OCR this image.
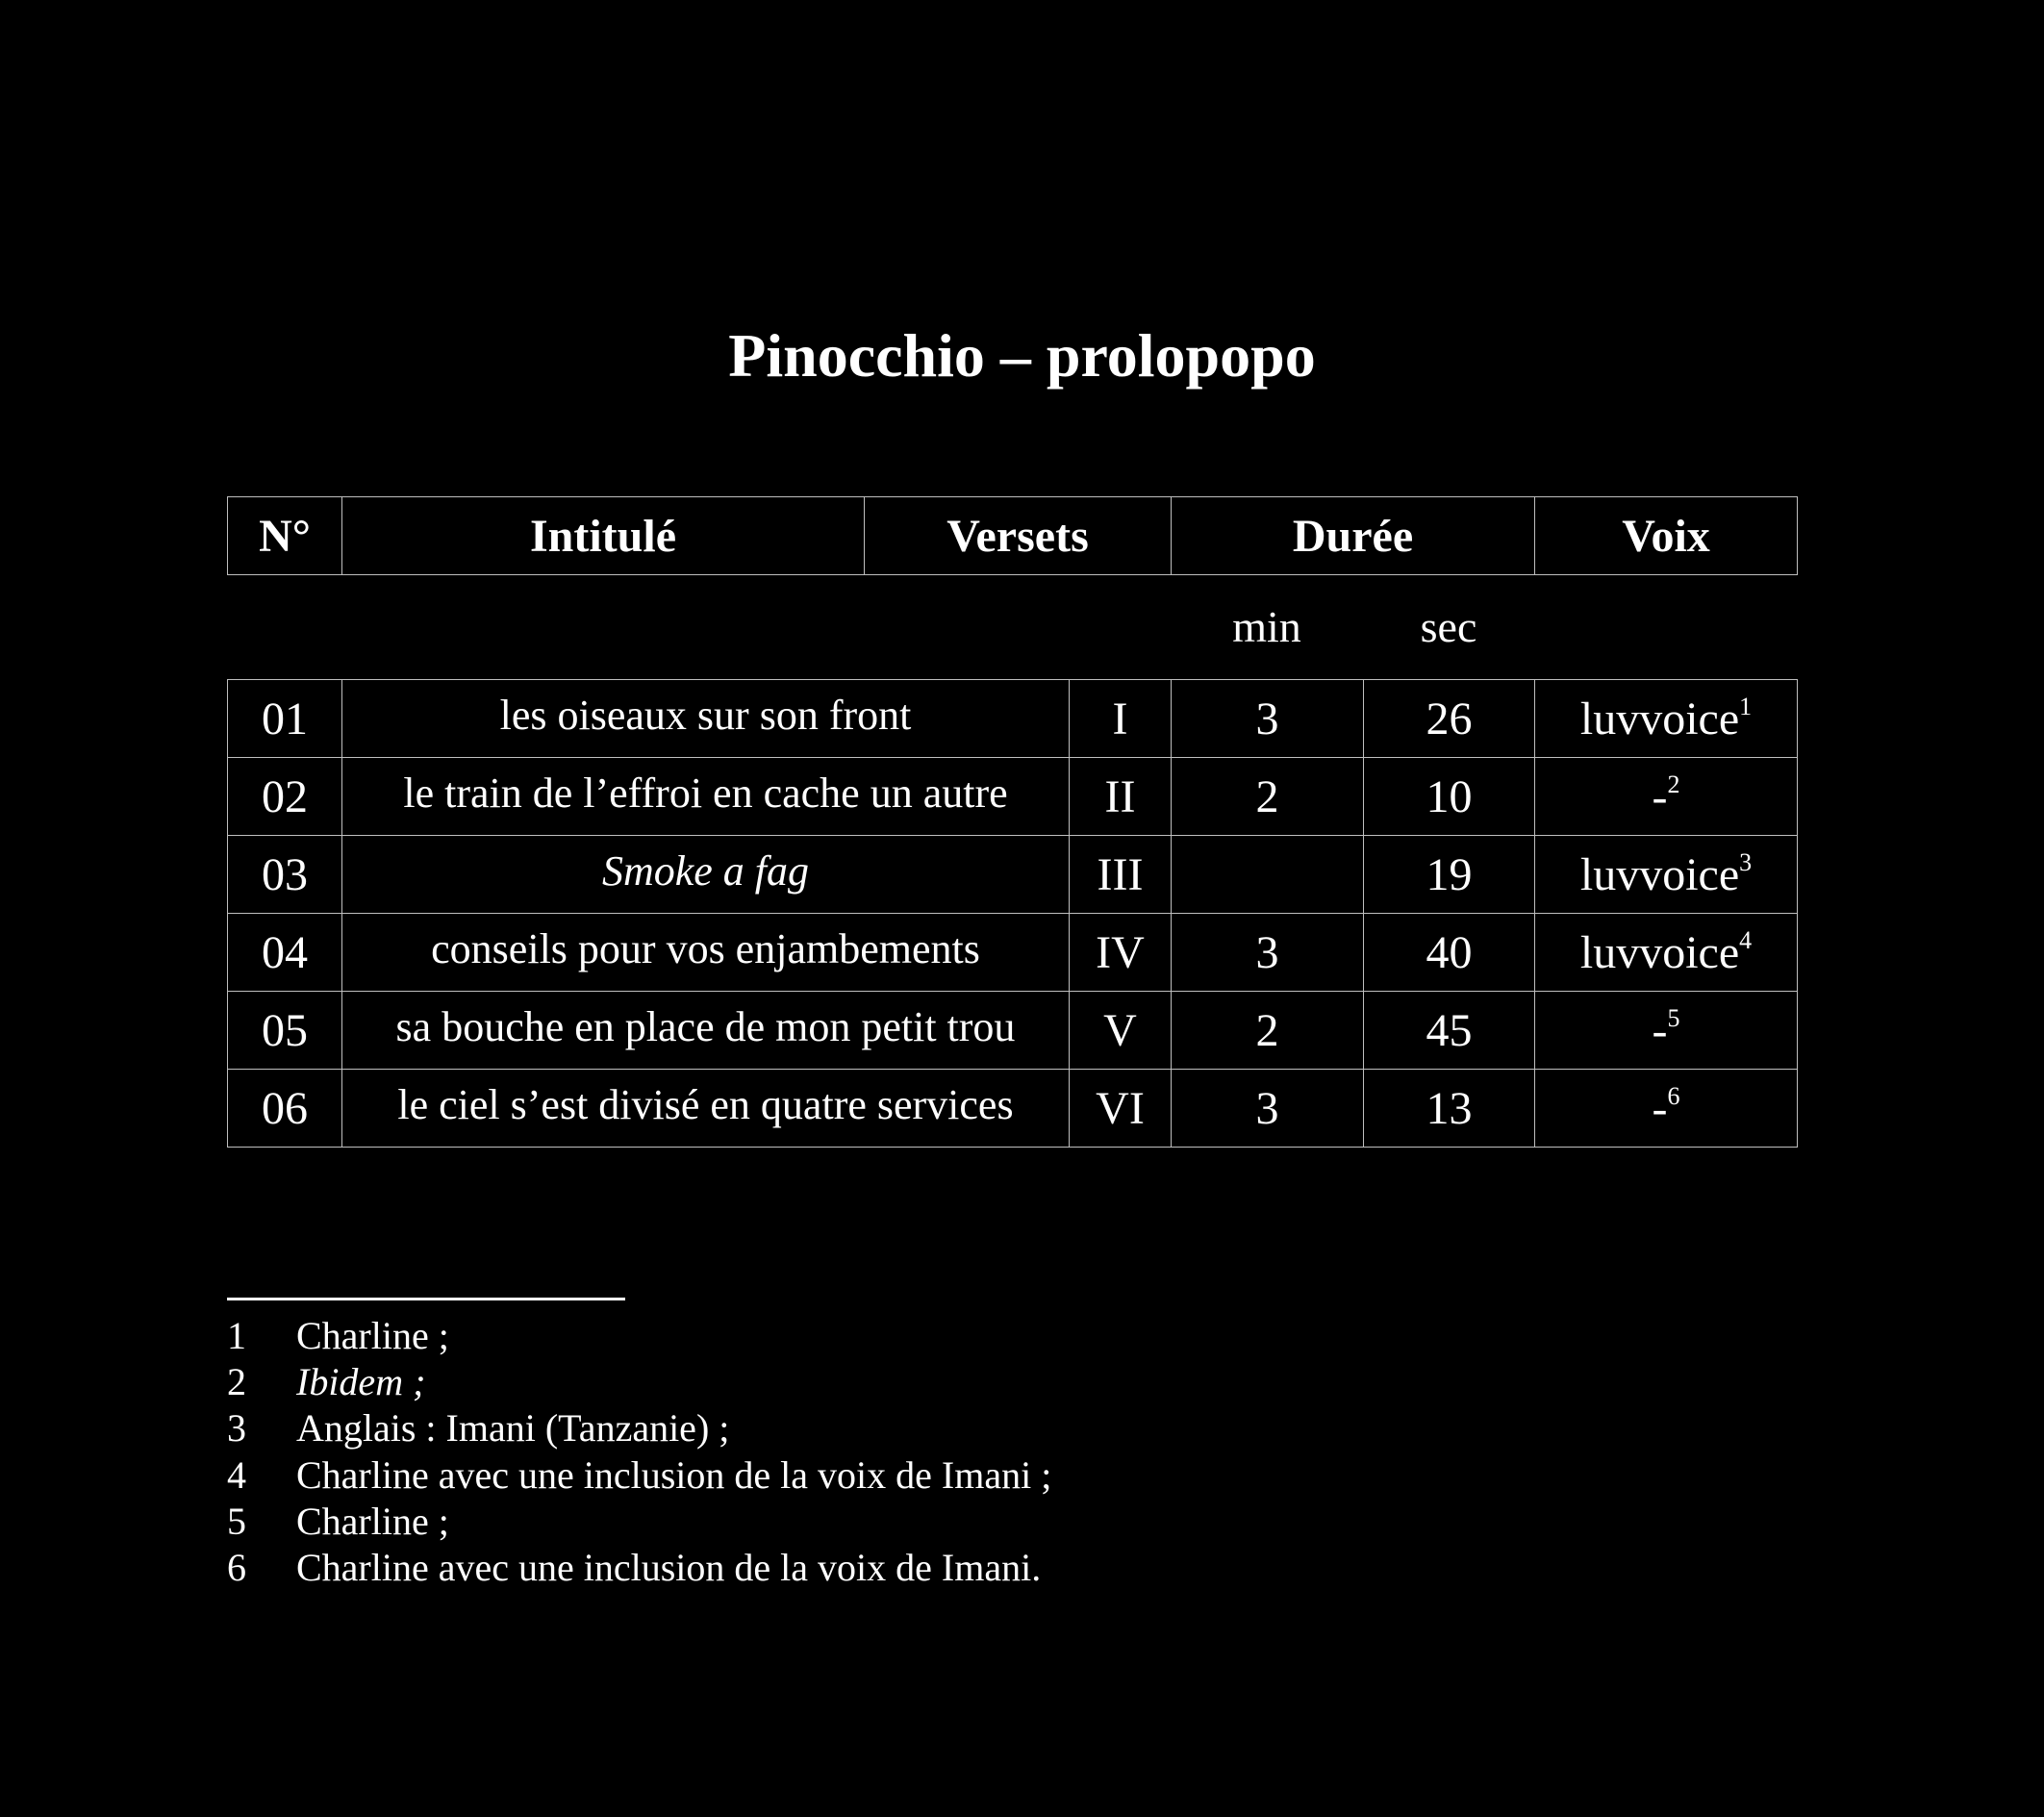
Pinocchio – prolopopo
N°	Intitulé	Versets	Durée	Voix
min	sec
01	les oiseaux sur son front	I	3	26	luvvoice$^1$
02	le train de l’effroi en cache un autre	II	2	10	-$^2$
03	Smoke a fag	III		19	luvvoice$^3$
04	conseils pour vos enjambements	IV	3	40	luvvoice$^4$
05	sa bouche en place de mon petit trou	V	2	45	-$^5$
06	le ciel s’est divisé en quatre services	VI	3	13	-$^6$
1	Charline ;
2	Ibidem ;
3	Anglais : Imani (Tanzanie) ;
4	Charline avec une inclusion de la voix de Imani ;
5	Charline ;
6	Charline avec une inclusion de la voix de Imani.
